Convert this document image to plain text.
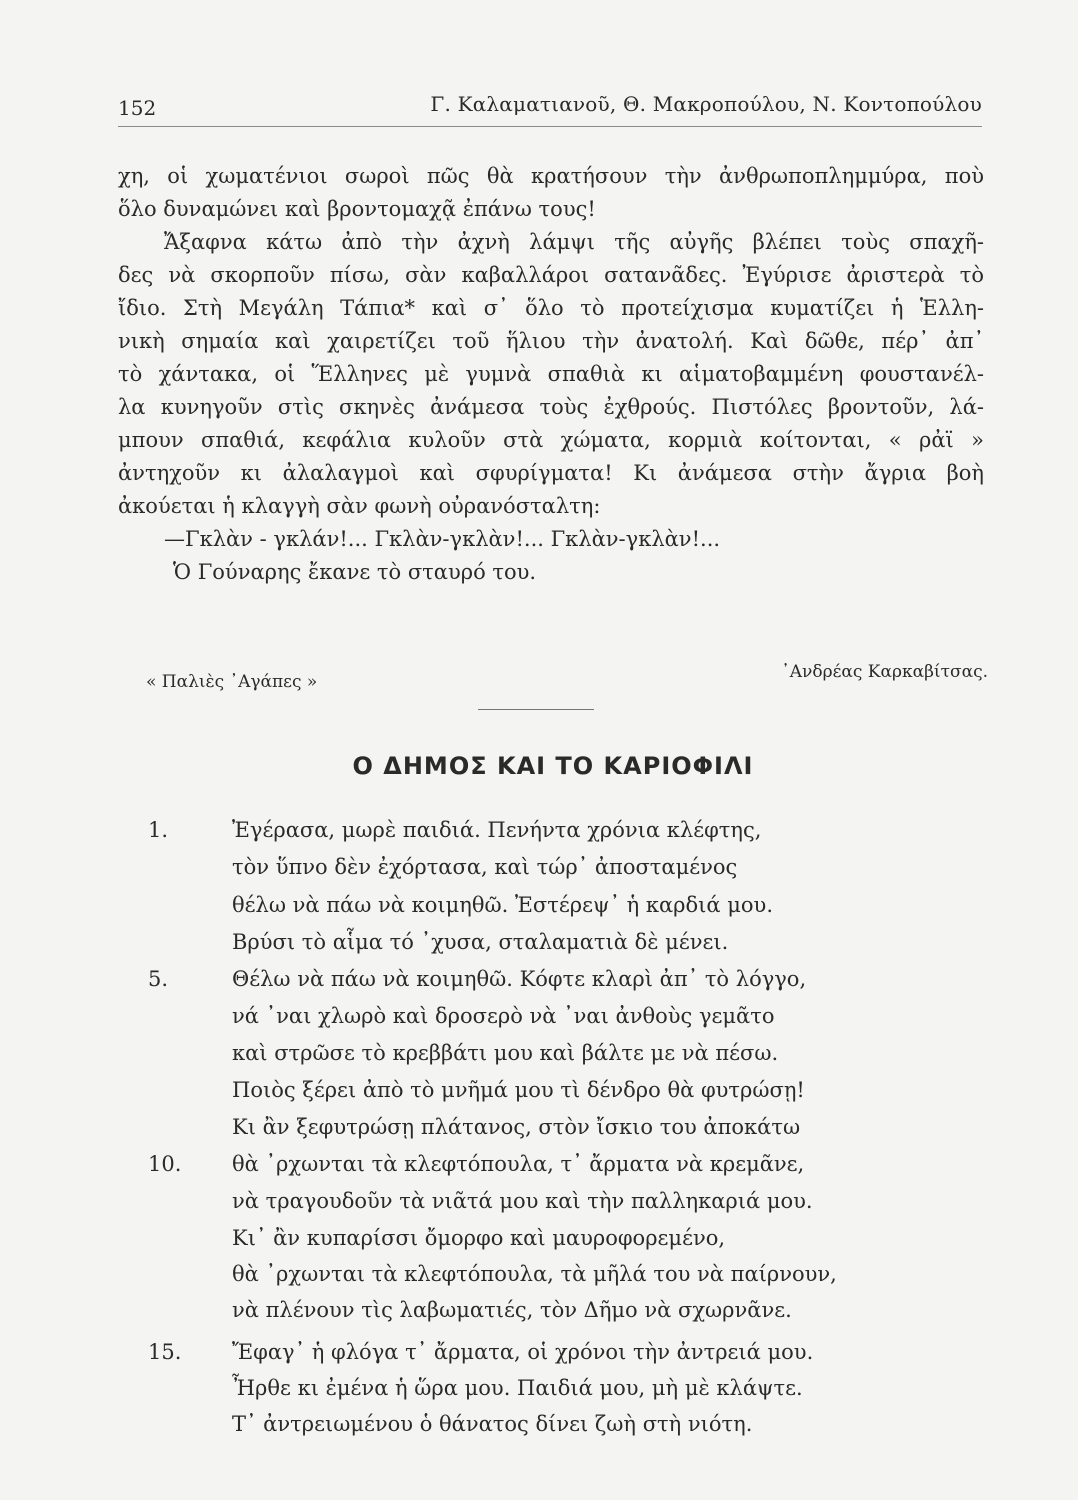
152	Γ. Καλαματιανοῦ, Θ. Μακροπούλου, Ν. Κοντοπούλου
χη, οἱ χωματένιοι σωροὶ πῶς θὰ κρατήσουν τὴν ἀνθρωποπλημμύρα, ποὺ
ὅλο δυναμώνει καὶ βροντομαχᾷ ἐπάνω τους!
Ἄξαφνα κάτω ἀπὸ τὴν ἀχνὴ λάμψι τῆς αὐγῆς βλέπει τοὺς σπαχῆ-
δες νὰ σκορποῦν πίσω, σὰν καβαλλάροι σατανᾶδες. Ἐγύρισε ἀριστερὰ τὸ
ἴδιο. Στὴ Μεγάλη Τάπια* καὶ σ᾿ ὅλο τὸ προτείχισμα κυματίζει ἡ Ἑλλη-
νικὴ σημαία καὶ χαιρετίζει τοῦ ἥλιου τὴν ἀνατολή. Καὶ δῶθε, πέρ᾿ ἀπ᾿
τὸ χάντακα, οἱ Ἕλληνες μὲ γυμνὰ σπαθιὰ κι αἱματοβαμμένη φουστανέλ-
λα κυνηγοῦν στὶς σκηνὲς ἀνάμεσα τοὺς ἐχθρούς. Πιστόλες βροντοῦν, λά-
μπουν σπαθιά, κεφάλια κυλοῦν στὰ χώματα, κορμιὰ κοίτονται, « ρἀϊ »
ἀντηχοῦν κι ἀλαλαγμοὶ καὶ σφυρίγματα! Κι ἀνάμεσα στὴν ἄγρια βοὴ
ἀκούεται ἡ κλαγγὴ σὰν φωνὴ οὐρανόσταλτη:
—Γκλὰν - γκλάν!... Γκλὰν-γκλὰν!... Γκλὰν-γκλὰν!...
Ὁ Γούναρης ἔκανε τὸ σταυρό του.
« Παλιὲς ᾿Αγάπες »	᾿Ανδρέας Καρκαβίτσας.
Ο ΔΗΜΟΣ ΚΑΙ ΤΟ ΚΑΡΙΟΦΙΛΙ
1.
5.
10.
15.
Ἐγέρασα, μωρὲ παιδιά. Πενήντα χρόνια κλέφτης,
τὸν ὕπνο δὲν ἐχόρτασα, καὶ τώρ᾿ ἀποσταμένος
θέλω νὰ πάω νὰ κοιμηθῶ. Ἐστέρεψ᾿ ἡ καρδιά μου.
Βρύσι τὸ αἷμα τό ᾿χυσα, σταλαματιὰ δὲ μένει.
Θέλω νὰ πάω νὰ κοιμηθῶ. Κόφτε κλαρὶ ἀπ᾿ τὸ λόγγο,
νά ᾿ναι χλωρὸ καὶ δροσερὸ νὰ ᾿ναι ἀνθοὺς γεμᾶτο
καὶ στρῶσε τὸ κρεββάτι μου καὶ βάλτε με νὰ πέσω.
Ποιὸς ξέρει ἀπὸ τὸ μνῆμά μου τὶ δένδρο θὰ φυτρώσῃ!
Κι ἂν ξεφυτρώσῃ πλάτανος, στὸν ἴσκιο του ἀποκάτω
θὰ ᾿ρχωνται τὰ κλεφτόπουλα, τ᾿ ἄρματα νὰ κρεμᾶνε,
νὰ τραγουδοῦν τὰ νιᾶτά μου καὶ τὴν παλληκαριά μου.
Κι᾿ ἂν κυπαρίσσι ὄμορφο καὶ μαυροφορεμένο,
θὰ ᾿ρχωνται τὰ κλεφτόπουλα, τὰ μῆλά του νὰ παίρνουν,
νὰ πλένουν τὶς λαβωματιές, τὸν Δῆμο νὰ σχωρνᾶνε.
Ἔφαγ᾿ ἡ φλόγα τ᾿ ἄρματα, οἱ χρόνοι τὴν ἀντρειά μου.
Ἦρθε κι ἐμένα ἡ ὥρα μου. Παιδιά μου, μὴ μὲ κλάψτε.
Τ᾿ ἀντρειωμένου ὁ θάνατος δίνει ζωὴ στὴ νιότη.
